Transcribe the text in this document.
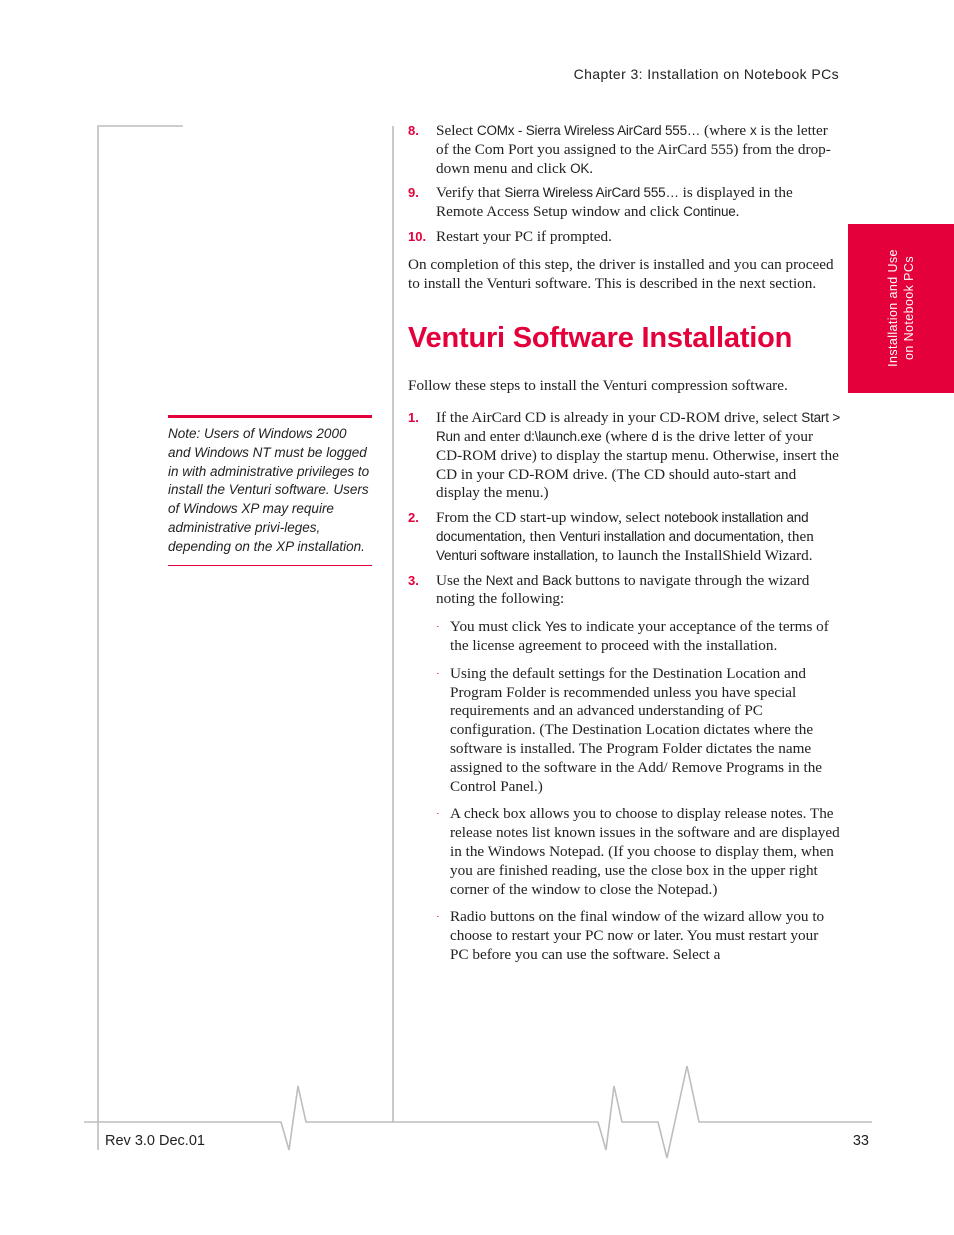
Chapter 3: Installation on Notebook PCs
Installation and Use on Notebook PCs
Note: Users of Windows 2000 and Windows NT must be logged in with administrative privileges to install the Venturi software. Users of Windows XP may require administrative privi-leges, depending on the XP installation.
8. Select COMx - Sierra Wireless AirCard 555… (where x is the letter of the Com Port you assigned to the AirCard 555) from the drop-down menu and click OK.
9. Verify that Sierra Wireless AirCard 555… is displayed in the Remote Access Setup window and click Continue.
10. Restart your PC if prompted.

On completion of this step, the driver is installed and you can proceed to install the Venturi software. This is described in the next section.

Venturi Software Installation

Follow these steps to install the Venturi compression software.

1. If the AirCard CD is already in your CD-ROM drive, select Start > Run and enter d:\launch.exe (where d is the drive letter of your CD-ROM drive) to display the startup menu. Otherwise, insert the CD in your CD-ROM drive. (The CD should auto-start and display the menu.)
2. From the CD start-up window, select notebook installation and documentation, then Venturi installation and documentation, then Venturi software installation, to launch the InstallShield Wizard.
3. Use the Next and Back buttons to navigate through the wizard noting the following:
· You must click Yes to indicate your acceptance of the terms of the license agreement to proceed with the installation.
· Using the default settings for the Destination Location and Program Folder is recommended unless you have special requirements and an advanced understanding of PC configuration. (The Destination Location dictates where the software is installed. The Program Folder dictates the name assigned to the software in the Add/ Remove Programs in the Control Panel.)
· A check box allows you to choose to display release notes. The release notes list known issues in the software and are displayed in the Windows Notepad. (If you choose to display them, when you are finished reading, use the close box in the upper right corner of the window to close the Notepad.)
· Radio buttons on the final window of the wizard allow you to choose to restart your PC now or later. You must restart your PC before you can use the software. Select a
Rev 3.0 Dec.01	33
